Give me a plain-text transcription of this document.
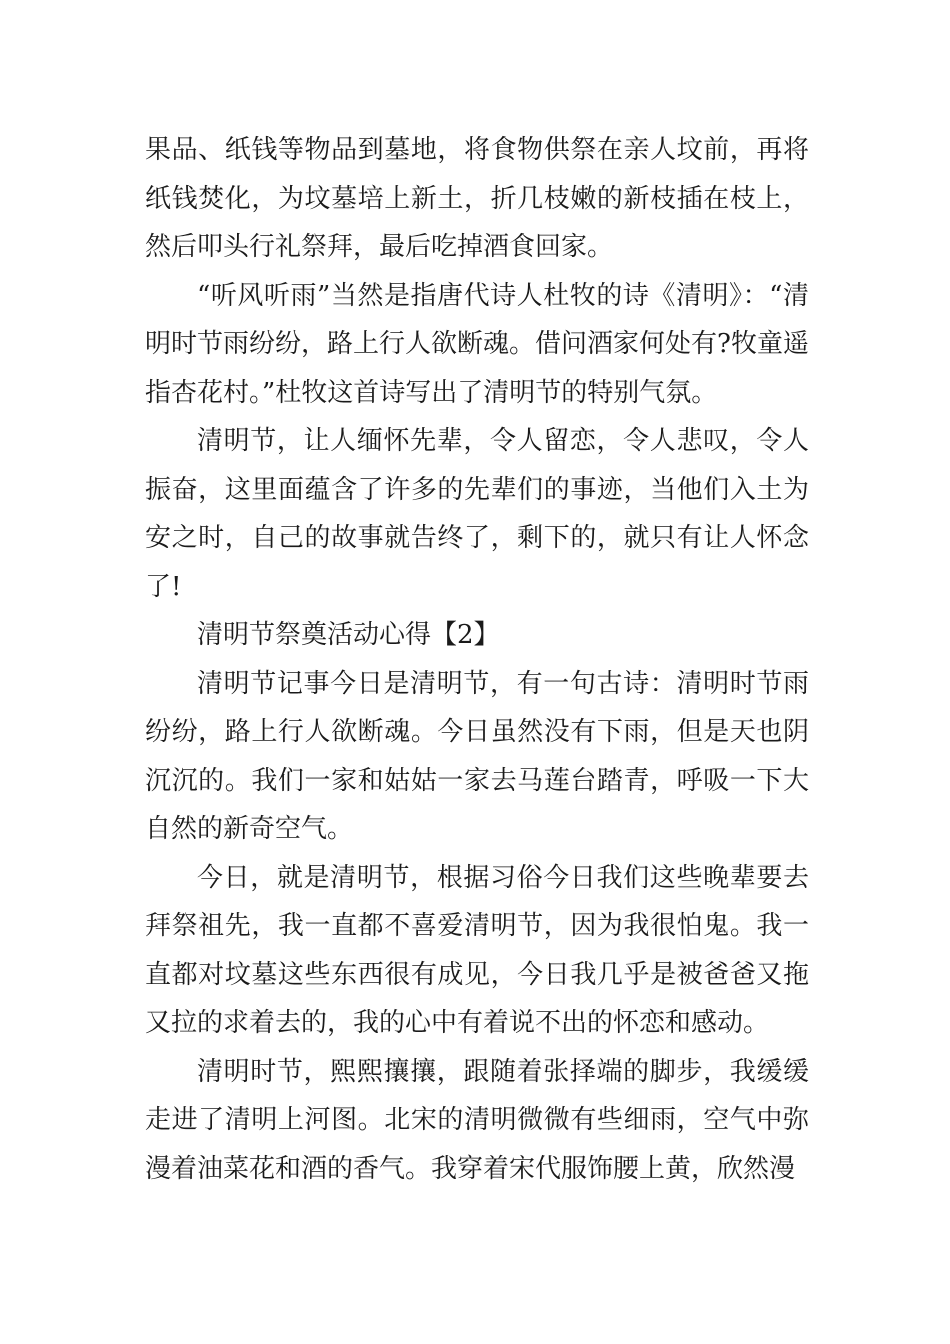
果品、纸钱等物品到墓地，将食物供祭在亲人坟前，再将纸钱焚化，为坟墓培上新土，折几枝嫩的新枝插在枝上，然后叩头行礼祭拜，最后吃掉酒食回家。

“听风听雨”当然是指唐代诗人杜牧的诗《清明》：“清明时节雨纷纷，路上行人欲断魂。借问酒家何处有?牧童遥指杏花村。”杜牧这首诗写出了清明节的特别气氛。

清明节，让人缅怀先辈，令人留恋，令人悲叹，令人振奋，这里面蕴含了许多的先辈们的事迹，当他们入土为安之时，自己的故事就告终了，剩下的，就只有让人怀念了!

清明节祭奠活动心得【2】

清明节记事今日是清明节，有一句古诗：清明时节雨纷纷，路上行人欲断魂。今日虽然没有下雨，但是天也阴沉沉的。我们一家和姑姑一家去马莲台踏青，呼吸一下大自然的新奇空气。

今日，就是清明节，根据习俗今日我们这些晚辈要去拜祭祖先，我一直都不喜爱清明节，因为我很怕鬼。我一直都对坟墓这些东西很有成见，今日我几乎是被爸爸又拖又拉的求着去的，我的心中有着说不出的怀恋和感动。

清明时节，熙熙攘攘，跟随着张择端的脚步，我缓缓走进了清明上河图。北宋的清明微微有些细雨，空气中弥漫着油菜花和酒的香气。我穿着宋代服饰腰上黄，欣然漫
